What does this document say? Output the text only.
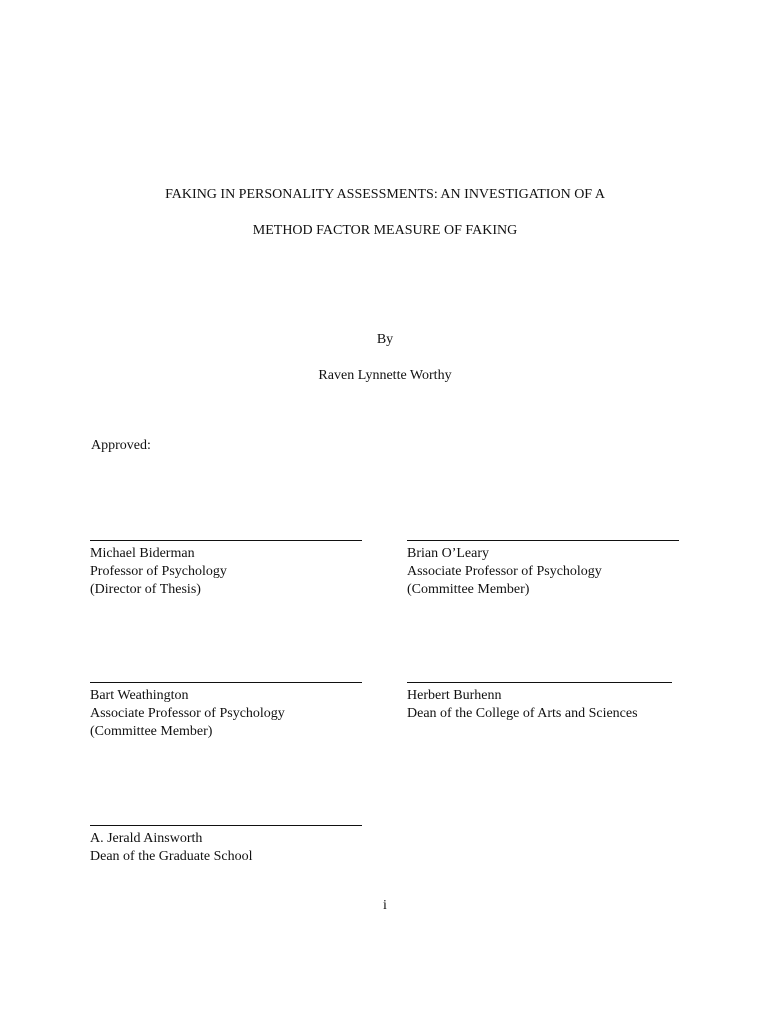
FAKING IN PERSONALITY ASSESSMENTS: AN INVESTIGATION OF A
METHOD FACTOR MEASURE OF FAKING
By
Raven Lynnette Worthy
Approved:
Michael Biderman
Professor of Psychology
(Director of Thesis)
Brian O’Leary
Associate Professor of Psychology
(Committee Member)
Bart Weathington
Associate Professor of Psychology
(Committee Member)
Herbert Burhenn
Dean of the College of Arts and Sciences
A. Jerald Ainsworth
Dean of the Graduate School
i
